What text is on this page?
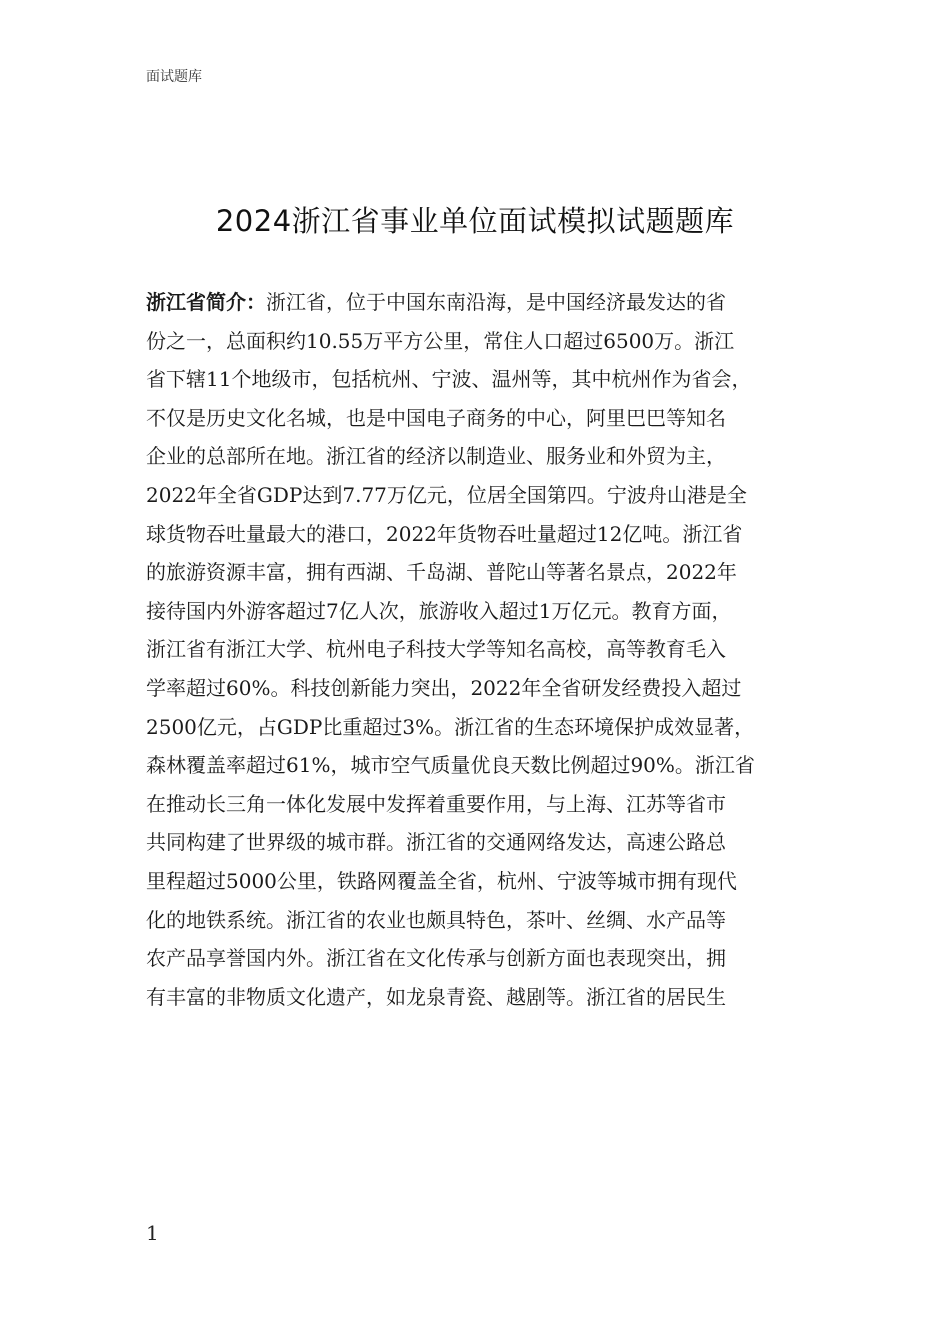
面试题库
2024浙江省事业单位面试模拟试题题库
浙江省简介：浙江省，位于中国东南沿海，是中国经济最发达的省
份之一，总面积约10.55万平方公里，常住人口超过6500万。浙江
省下辖11个地级市，包括杭州、宁波、温州等，其中杭州作为省会，
不仅是历史文化名城，也是中国电子商务的中心，阿里巴巴等知名
企业的总部所在地。浙江省的经济以制造业、服务业和外贸为主，
2022年全省GDP达到7.77万亿元，位居全国第四。宁波舟山港是全
球货物吞吐量最大的港口，2022年货物吞吐量超过12亿吨。浙江省
的旅游资源丰富，拥有西湖、千岛湖、普陀山等著名景点，2022年
接待国内外游客超过7亿人次，旅游收入超过1万亿元。教育方面，
浙江省有浙江大学、杭州电子科技大学等知名高校，高等教育毛入
学率超过60%。科技创新能力突出，2022年全省研发经费投入超过
2500亿元，占GDP比重超过3%。浙江省的生态环境保护成效显著，
森林覆盖率超过61%，城市空气质量优良天数比例超过90%。浙江省
在推动长三角一体化发展中发挥着重要作用，与上海、江苏等省市
共同构建了世界级的城市群。浙江省的交通网络发达，高速公路总
里程超过5000公里，铁路网覆盖全省，杭州、宁波等城市拥有现代
化的地铁系统。浙江省的农业也颇具特色，茶叶、丝绸、水产品等
农产品享誉国内外。浙江省在文化传承与创新方面也表现突出，拥
有丰富的非物质文化遗产，如龙泉青瓷、越剧等。浙江省的居民生
1
